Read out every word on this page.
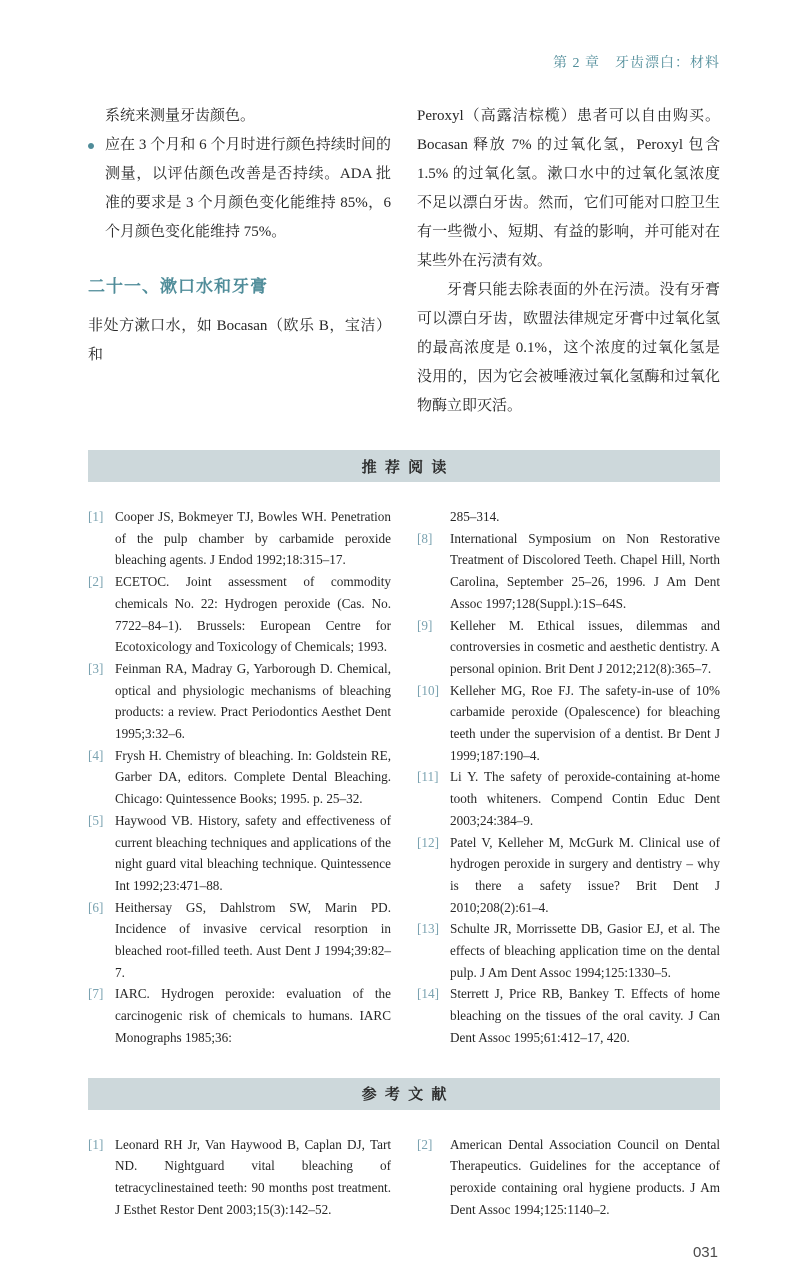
第 2 章　牙齿漂白：材料
系统来测量牙齿颜色。
应在 3 个月和 6 个月时进行颜色持续时间的测量，以评估颜色改善是否持续。ADA 批准的要求是 3 个月颜色变化能维持 85%，6 个月颜色变化能维持 75%。
二十一、漱口水和牙膏
非处方漱口水，如 Bocasan（欧乐 B，宝洁）和
Peroxyl（高露洁棕榄）患者可以自由购买。Bocasan 释放 7% 的过氧化氢，Peroxyl 包含 1.5% 的过氧化氢。漱口水中的过氧化氢浓度不足以漂白牙齿。然而，它们可能对口腔卫生有一些微小、短期、有益的影响，并可能对在某些外在污渍有效。
牙膏只能去除表面的外在污渍。没有牙膏可以漂白牙齿，欧盟法律规定牙膏中过氧化氢的最高浓度是 0.1%，这个浓度的过氧化氢是没用的，因为它会被唾液过氧化氢酶和过氧化物酶立即灭活。
推荐阅读
[1] Cooper JS, Bokmeyer TJ, Bowles WH. Penetration of the pulp chamber by carbamide peroxide bleaching agents. J Endod 1992;18:315–17.
[2] ECETOC. Joint assessment of commodity chemicals No. 22: Hydrogen peroxide (Cas. No. 7722–84–1). Brussels: European Centre for Ecotoxicology and Toxicology of Chemicals; 1993.
[3] Feinman RA, Madray G, Yarborough D. Chemical, optical and physiologic mechanisms of bleaching products: a review. Pract Periodontics Aesthet Dent 1995;3:32–6.
[4] Frysh H. Chemistry of bleaching. In: Goldstein RE, Garber DA, editors. Complete Dental Bleaching. Chicago: Quintessence Books; 1995. p. 25–32.
[5] Haywood VB. History, safety and effectiveness of current bleaching techniques and applications of the night guard vital bleaching technique. Quintessence Int 1992;23:471–88.
[6] Heithersay GS, Dahlstrom SW, Marin PD. Incidence of invasive cervical resorption in bleached root-filled teeth. Aust Dent J 1994;39:82–7.
[7] IARC. Hydrogen peroxide: evaluation of the carcinogenic risk of chemicals to humans. IARC Monographs 1985;36:
285–314.
[8] International Symposium on Non Restorative Treatment of Discolored Teeth. Chapel Hill, North Carolina, September 25–26, 1996. J Am Dent Assoc 1997;128(Suppl.):1S–64S.
[9] Kelleher M. Ethical issues, dilemmas and controversies in cosmetic and aesthetic dentistry. A personal opinion. Brit Dent J 2012;212(8):365–7.
[10] Kelleher MG, Roe FJ. The safety-in-use of 10% carbamide peroxide (Opalescence) for bleaching teeth under the supervision of a dentist. Br Dent J 1999;187:190–4.
[11] Li Y. The safety of peroxide-containing at-home tooth whiteners. Compend Contin Educ Dent 2003;24:384–9.
[12] Patel V, Kelleher M, McGurk M. Clinical use of hydrogen peroxide in surgery and dentistry – why is there a safety issue? Brit Dent J 2010;208(2):61–4.
[13] Schulte JR, Morrissette DB, Gasior EJ, et al. The effects of bleaching application time on the dental pulp. J Am Dent Assoc 1994;125:1330–5.
[14] Sterrett J, Price RB, Bankey T. Effects of home bleaching on the tissues of the oral cavity. J Can Dent Assoc 1995;61:412–17, 420.
参考文献
[1] Leonard RH Jr, Van Haywood B, Caplan DJ, Tart ND. Nightguard vital bleaching of tetracyclinestained teeth: 90 months post treatment. J Esthet Restor Dent 2003;15(3):142–52.
[2] American Dental Association Council on Dental Therapeutics. Guidelines for the acceptance of peroxide containing oral hygiene products. J Am Dent Assoc 1994;125:1140–2.
031
